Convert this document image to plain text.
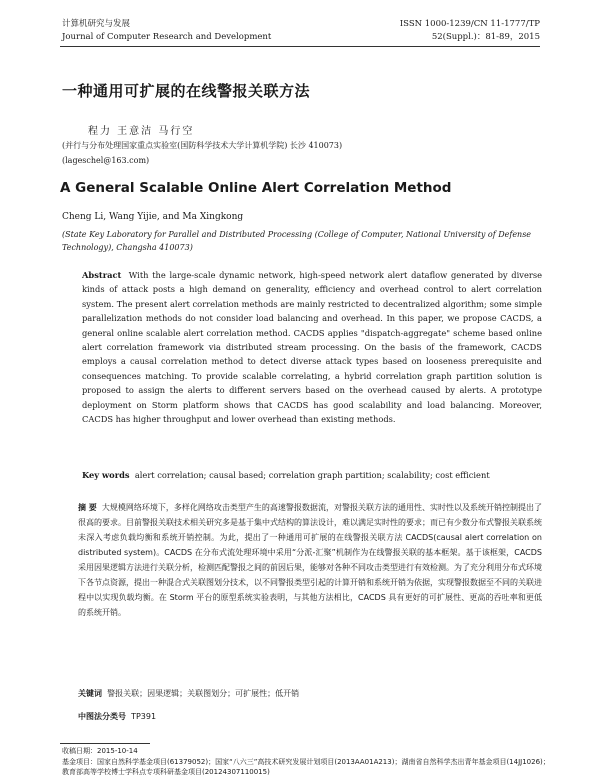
计算机研究与发展
Journal of Computer Research and Development
ISSN 1000-1239/CN 11-1777/TP
52(Suppl.)：81-89，2015
一种通用可扩展的在线警报关联方法
程力 王意洁 马行空
(并行与分布处理国家重点实验室(国防科学技术大学计算机学院) 长沙 410073)
(lageschel@163.com)
A General Scalable Online Alert Correlation Method
Cheng Li, Wang Yijie, and Ma Xingkong
(State Key Laboratory for Parallel and Distributed Processing (College of Computer, National University of Defense Technology), Changsha 410073)
Abstract With the large-scale dynamic network, high-speed network alert dataflow generated by diverse kinds of attack posts a high demand on generality, efficiency and overhead control to alert correlation system. The present alert correlation methods are mainly restricted to decentralized algorithm; some simple parallelization methods do not consider load balancing and overhead. In this paper, we propose CACDS, a general online scalable alert correlation method. CACDS applies "dispatch-aggregate" scheme based online alert correlation framework via distributed stream processing. On the basis of the framework, CACDS employs a causal correlation method to detect diverse attack types based on looseness prerequisite and consequences matching. To provide scalable correlating, a hybrid correlation graph partition solution is proposed to assign the alerts to different servers based on the overhead caused by alerts. A prototype deployment on Storm platform shows that CACDS has good scalability and load balancing. Moreover, CACDS has higher throughput and lower overhead than existing methods.
Key words alert correlation; causal based; correlation graph partition; scalability; cost efficient
摘 要 大规模网络环境下，多样化网络攻击类型产生的高速警报数据流，对警报关联方法的通用性、实时性以及系统开销控制提出了很高的要求。目前警报关联技术相关研究多是基于集中式结构的算法设计，难以满足实时性的要求；而已有少数分布式警报关联系统未深入考虑负载均衡和系统开销控制。为此，提出了一种通用可扩展的在线警报关联方法 CACDS(causal alert correlation on distributed system)。CACDS 在分布式流处理环境中采用“分派-汇聚”机制作为在线警报关联的基本框架。基于该框架，CACDS 采用因果逻辑方法进行关联分析，检测匹配警报之间的前因后果，能够对各种不同攻击类型进行有效检测。为了充分利用分布式环境下各节点资源，提出一种混合式关联图划分技术，以不同警报类型引起的计算开销和系统开销为依据，实现警报数据至不同的关联进程中以实现负载均衡。在 Storm 平台的原型系统实验表明，与其他方法相比，CACDS 具有更好的可扩展性、更高的吞吐率和更低的系统开销。
关键词 警报关联；因果逻辑；关联图划分；可扩展性；低开销
中图法分类号 TP391
收稿日期：2015-10-14
基金项目：国家自然科学基金项目(61379052)；国家“八六三”高技术研究发展计划项目(2013AA01A213)；湖南省自然科学杰出青年基金项目(14JJ1026)；教育部高等学校博士学科点专项科研基金项目(20124307110015)
